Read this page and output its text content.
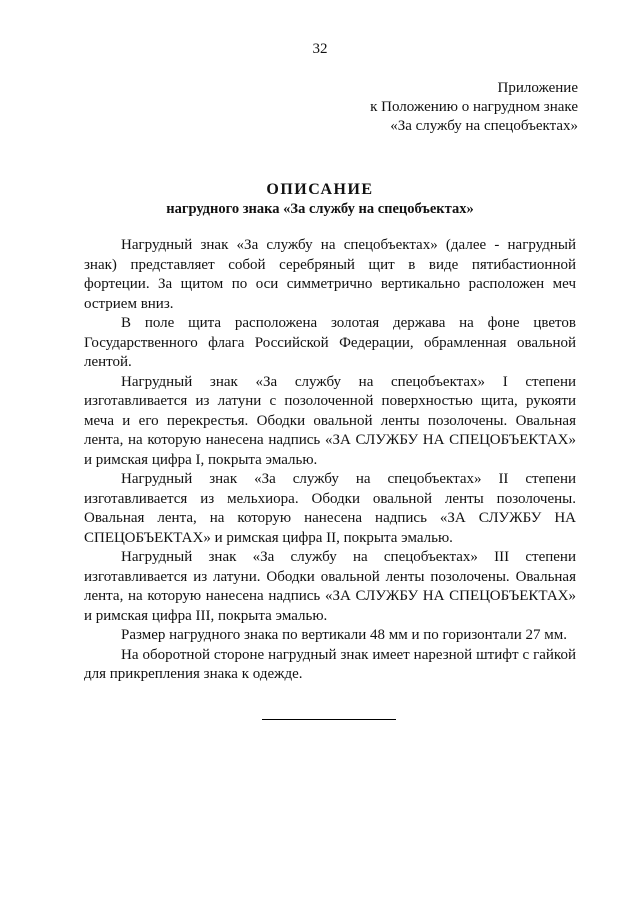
32
Приложение
к Положению о нагрудном знаке
«За службу на спецобъектах»
ОПИСАНИЕ
нагрудного знака «За службу на спецобъектах»

Нагрудный знак «За службу на спецобъектах» (далее - нагрудный знак) представляет собой серебряный щит в виде пятибастионной фортеции. За щитом по оси симметрично вертикально расположен меч острием вниз.

В поле щита расположена золотая держава на фоне цветов Государственного флага Российской Федерации, обрамленная овальной лентой.

Нагрудный знак «За службу на спецобъектах» I степени изготавливается из латуни с позолоченной поверхностью щита, рукояти меча и его перекрестья. Ободки овальной ленты позолочены. Овальная лента, на которую нанесена надпись «ЗА СЛУЖБУ НА СПЕЦОБЪЕКТАХ» и римская цифра I, покрыта эмалью.

Нагрудный знак «За службу на спецобъектах» II степени изготавливается из мельхиора. Ободки овальной ленты позолочены. Овальная лента, на которую нанесена надпись «ЗА СЛУЖБУ НА СПЕЦОБЪЕКТАХ» и римская цифра II, покрыта эмалью.

Нагрудный знак «За службу на спецобъектах» III степени изготавливается из латуни. Ободки овальной ленты позолочены. Овальная лента, на которую нанесена надпись «ЗА СЛУЖБУ НА СПЕЦОБЪЕКТАХ» и римская цифра III, покрыта эмалью.

Размер нагрудного знака по вертикали 48 мм и по горизонтали 27 мм.

На оборотной стороне нагрудный знак имеет нарезной штифт с гайкой для прикрепления знака к одежде.
